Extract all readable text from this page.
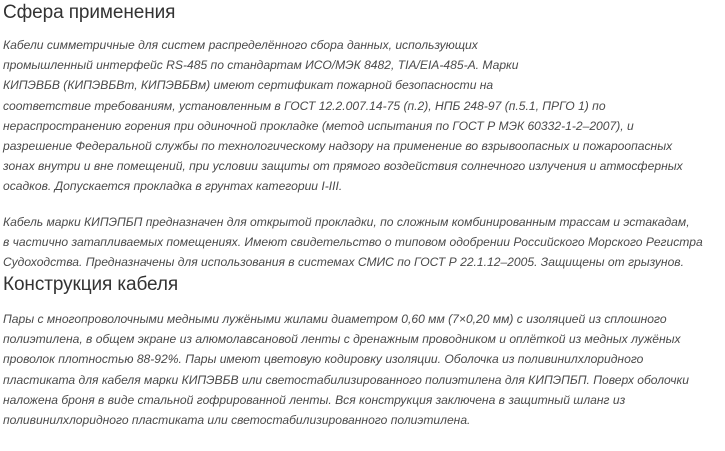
Сфера применения

Кабели симметричные для систем распределённого сбора данных, использующих
промышленный интерфейс RS-485 по стандартам ИСО/МЭК 8482, TIA/EIA-485-A. Марки
КИПЭВБВ (КИПЭВБВт, КИПЭВБВм) имеют сертификат пожарной безопасности на
соответствие требованиям, установленным в ГОСТ 12.2.007.14-75 (п.2), НПБ 248-97 (п.5.1, ПРГО 1) по
нераспространению горения при одиночной прокладке (метод испытания по ГОСТ Р МЭК 60332-1-2–2007), и
разрешение Федеральной службы по технологическому надзору на применение во взрывоопасных и пожароопасных
зонах внутри и вне помещений, при условии защиты от прямого воздействия солнечного излучения и атмосферных
осадков. Допускается прокладка в грунтах категории I-III.

Кабель марки КИПЭПБП предназначен для открытой прокладки, по сложным комбинированным трассам и эстакадам,
в частично затапливаемых помещениях. Имеют свидетельство о типовом одобрении Российского Морского Регистра
Судоходства. Предназначены для использования в системах СМИС по ГОСТ Р 22.1.12–2005. Защищены от грызунов.

Конструкция кабеля

Пары с многопроволочными медными лужёными жилами диаметром 0,60 мм (7×0,20 мм) с изоляцией из сплошного
полиэтилена, в общем экране из алюмолавсановой ленты с дренажным проводником и оплёткой из медных лужёных
проволок плотностью 88-92%. Пары имеют цветовую кодировку изоляции. Оболочка из поливинилхлоридного
пластиката для кабеля марки КИПЭВБВ или светостабилизированного полиэтилена для КИПЭПБП. Поверх оболочки
наложена броня в виде стальной гофрированной ленты. Вся конструкция заключена в защитный шланг из
поливинилхлоридного пластиката или светостабилизированного полиэтилена.
